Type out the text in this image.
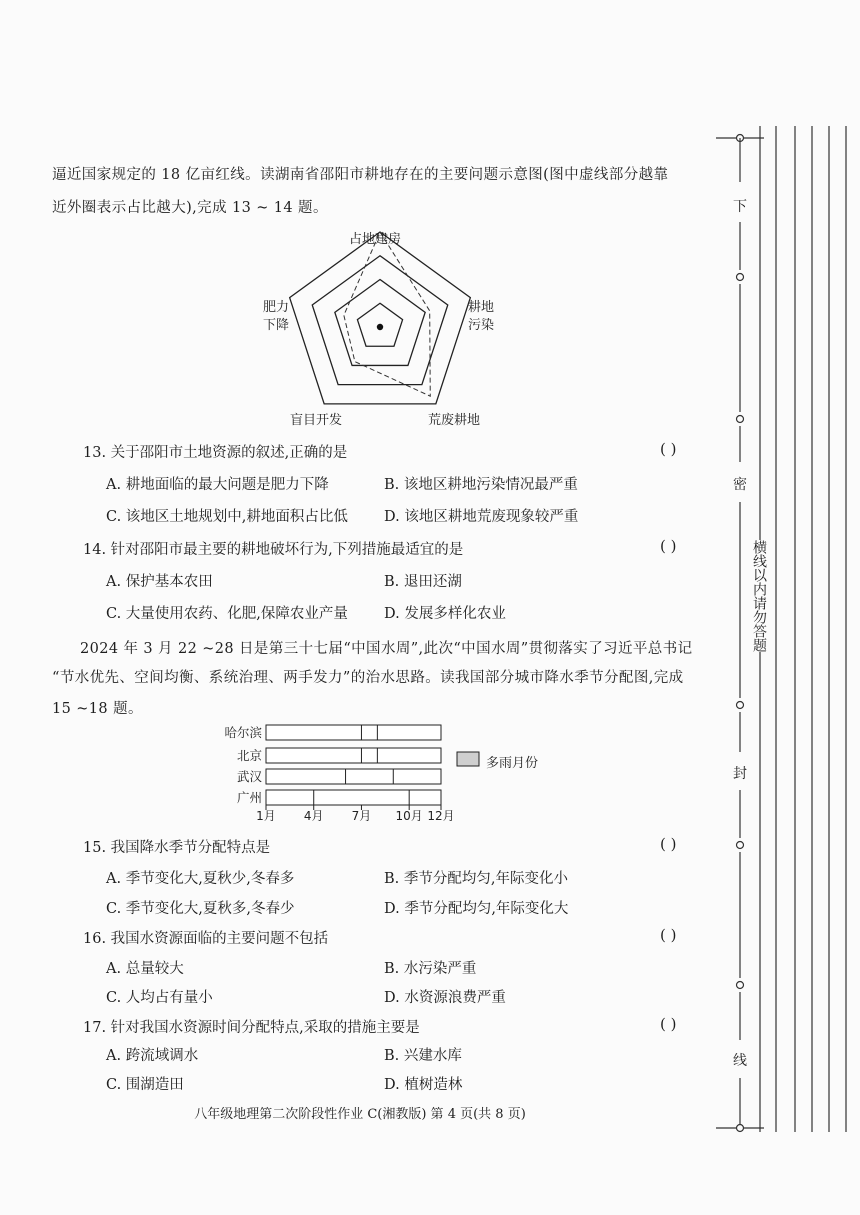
逼近国家规定的 18 亿亩红线。读湖南省邵阳市耕地存在的主要问题示意图(图中虚线部分越靠
近外圈表示占比越大),完成 13 ~ 14 题。
占地建房
耕地
污染
荒废耕地
盲目开发
肥力
下降
13. 关于邵阳市土地资源的叙述,正确的是	( )
A. 耕地面临的最大问题是肥力下降	B. 该地区耕地污染情况最严重
C. 该地区土地规划中,耕地面积占比低 D. 该地区耕地荒废现象较严重
14. 针对邵阳市最主要的耕地破坏行为,下列措施最适宜的是	( )
A. 保护基本农田	B. 退田还湖
C. 大量使用农药、化肥,保障农业产量 D. 发展多样化农业
2024 年 3 月 22 ~28 日是第三十七届“中国水周”,此次“中国水周”贯彻落实了习近平总书记
“节水优先、空间均衡、系统治理、两手发力”的治水思路。读我国部分城市降水季节分配图,完成
15 ~18 题。
哈尔滨
北京
武汉
广州
1月 4月 7月 10月 12月
多雨月份
15. 我国降水季节分配特点是	( )
A. 季节变化大,夏秋少,冬春多	B. 季节分配均匀,年际变化小
C. 季节变化大,夏秋多,冬春少	D. 季节分配均匀,年际变化大
16. 我国水资源面临的主要问题不包括	( )
A. 总量较大	B. 水污染严重
C. 人均占有量小	D. 水资源浪费严重
17. 针对我国水资源时间分配特点,采取的措施主要是	( )
A. 跨流域调水	B. 兴建水库
C. 围湖造田	D. 植树造林
八年级地理第二次阶段性作业 C(湘教版) 第 4 页(共 8 页)
下
密
封
线
横线以内请勿答题
